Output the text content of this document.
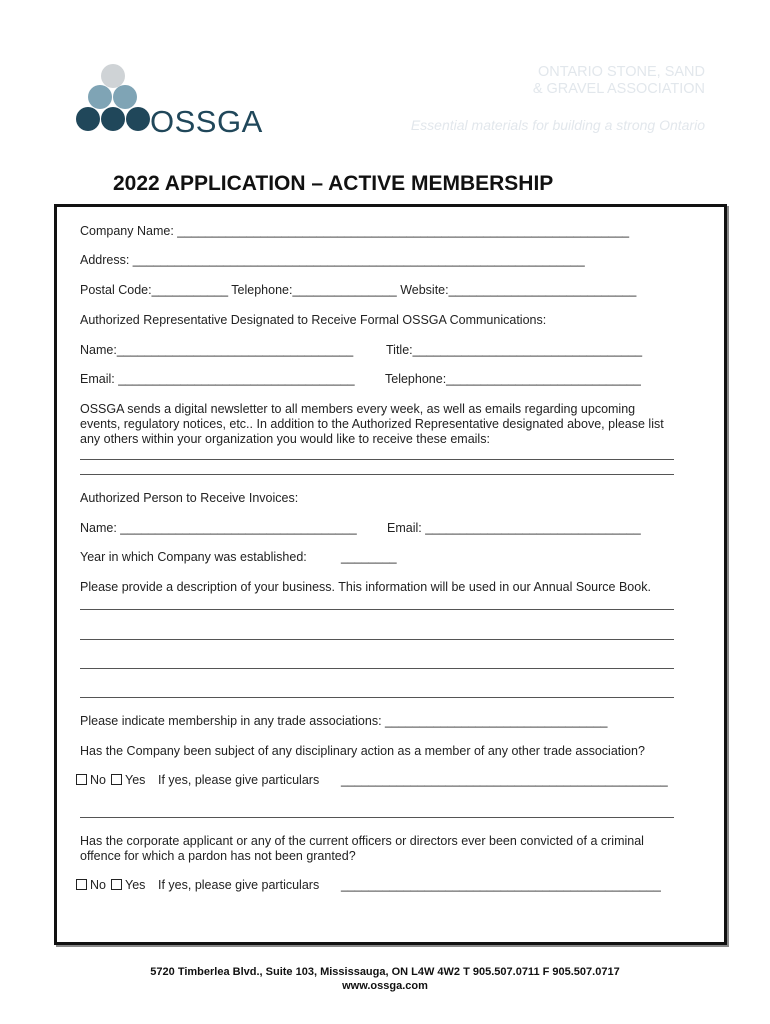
OSSGA
ONTARIO STONE, SAND
& GRAVEL ASSOCIATION
Essential materials for building a strong Ontario
2022 APPLICATION – ACTIVE MEMBERSHIP
Company Name: _________________________________________________________________
Address: _________________________________________________________________
Postal Code:___________ Telephone:_______________ Website:___________________________
Authorized Representative Designated to Receive Formal OSSGA Communications:
Name:__________________________________	Title:_________________________________
Email: __________________________________ Telephone:____________________________
OSSGA sends a digital newsletter to all members every week, as well as emails regarding upcoming
events, regulatory notices, etc.. In addition to the Authorized Representative designated above, please list
any others within your organization you would like to receive these emails:
Authorized Person to Receive Invoices:
Name: __________________________________ Email: _______________________________
Year in which Company was established:	________
Please provide a description of your business. This information will be used in our Annual Source Book.
Please indicate membership in any trade associations: ________________________________
Has the Company been subject of any disciplinary action as a member of any other trade association?
No	Yes If yes, please give particulars _______________________________________________
Has the corporate applicant or any of the current officers or directors ever been convicted of a criminal
offence for which a pardon has not been granted?
No	Yes If yes, please give particulars ______________________________________________
5720 Timberlea Blvd., Suite 103, Mississauga, ON L4W 4W2 T 905.507.0711 F 905.507.0717
www.ossga.com
